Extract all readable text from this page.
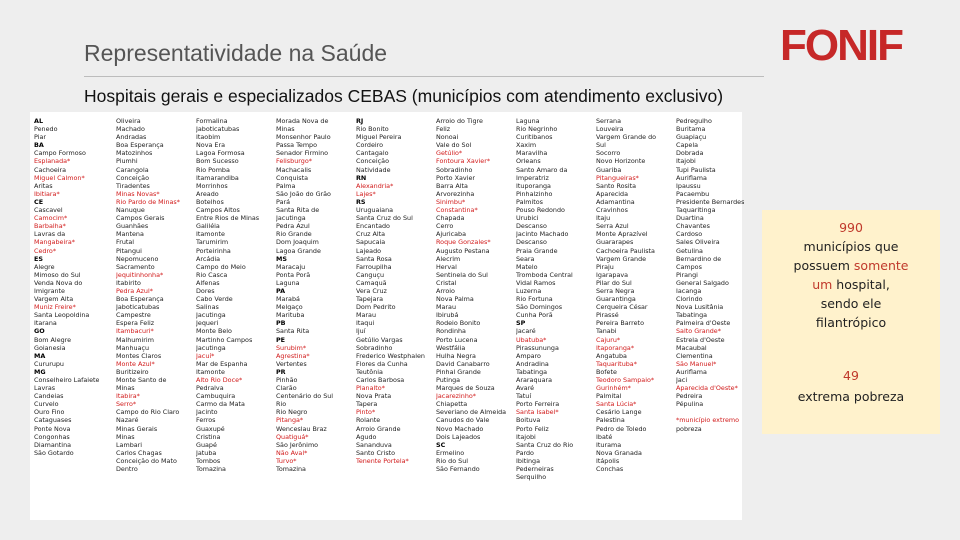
Representatividade na Saúde	FONIF
Hospitais gerais e especializados CEBAS (municípios com atendimento exclusivo)
AL
Penedo
Piar
BA
Campo Formoso
Esplanada*
Cachoeira
Miguel Calmon*
Aritas
Ibitiara*
CE
Cascavel
Camocim*
Barbalha*
Lavras da
Mangabeira*
Cedro*
ES
Alegre
Mimoso do Sul
Venda Nova do
Imigrante
Vargem Alta
Muniz Freire*
Santa Leopoldina
Itarana
GO
Bom Alegre
Goianesia
MA
Cururupu
MG
Conselheiro Lafaiete
Lavras
Candeias
Curvelo
Ouro Fino
Cataguases
Ponte Nova
Congonhas
Diamantina
São Gotardo
Oliveira
Machado
Andradas
Boa Esperança
Matozinhos
Piumhi
Carangola
Conceição
Tiradentes
Minas Novas*
Rio Pardo de Minas*
Nanuque
Campos Gerais
Guanhães
Mantena
Frutal
Pitangui
Nepomuceno
Sacramento
Jequitinhonha*
Itabirito
Pedra Azul*
Boa Esperança
Jaboticatubas
Campestre
Espera Feliz
Itambacuri*
Malhumirim
Manhuaçu
Montes Claros
Monte Azul*
Buritizeiro
Monte Santo de
Minas
Itabira*
Serro*
Campo do Rio Claro
Nazaré
Minas Gerais
Minas
Lambari
Carlos Chagas
Conceição do Mato
Dentro
Formalina
Jaboticatubas
Itaobim
Nova Era
Lagoa Formosa
Bom Sucesso
Rio Pomba
Itamarandiba
Morrinhos
Areado
Botelhos
Campos Altos
Entre Rios de Minas
Galiléia
Itamonte
Tarumirim
Porteirinha
Arcádia
Campo do Meio
Rio Casca
Alfenas
Dores
Cabo Verde
Salinas
Jacutinga
Jequeri
Monte Belo
Martinho Campos
Jacutinga
Jacuí*
Mar de Espanha
Itamonte
Alto Rio Doce*
Pedralva
Cambuquira
Carmo da Mata
Jacinto
Ferros
Guaxupé
Cristina
Guapé
Jatuba
Tombos
Tomazina
Morada Nova de
Minas
Monsenhor Paulo
Passa Tempo
Senador Firmino
Felisburgo*
Machacalis
Conquista
Palma
São João do Grão
Pará
Santa Rita de
Jacutinga
Pedra Azul
Rio Grande
Dom Joaquim
Lagoa Grande
MS
Maracaju
Ponta Porã
Laguna
PA
Marabá
Melgaço
Marituba
PB
Santa Rita
PE
Surubim*
Agrestina*
Vertentes
PR
Pinhão
Clarão
Centenário do Sul
Rio
Rio Negro
Pitanga*
Wenceslau Braz
Quatiguá*
São Jerônimo
Não Aval*
Turvo*
Tomazina
RJ
Rio Bonito
Miguel Pereira
Cordeiro
Cantagalo
Conceição
Natividade
RN
Alexandria*
Lajes*
RS
Uruguaiana
Santa Cruz do Sul
Encantado
Cruz Alta
Sapucaia
Lajeado
Santa Rosa
Farroupilha
Canguçu
Camaquã
Vera Cruz
Tapejara
Dom Pedrito
Marau
Itaqui
Ijuí
Getúlio Vargas
Sobradinho
Frederico Westphalen
Flores da Cunha
Teutônia
Carlos Barbosa
Planalto*
Nova Prata
Tapera
Pinto*
Rolante
Arroio Grande
Agudo
Sananduva
Santo Cristo
Tenente Portela*
Arroio do Tigre
Feliz
Nonoai
Vale do Sol
Getúlio*
Fontoura Xavier*
Sobradinho
Porto Xavier
Barra Alta
Arvorezinha
Sinimbu*
Constantina*
Chapada
Cerro
Ajuricaba
Roque Gonzales*
Augusto Pestana
Alecrim
Herval
Sentinela do Sul
Cristal
Arroio
Nova Palma
Marau
Ibirubá
Rodeio Bonito
Rondinha
Porto Lucena
Westfália
Hulha Negra
David Canabarro
Pinhal Grande
Putinga
Marques de Souza
Jacarezinho*
Chiapetta
Severiano de Almeida
Canudos do Vale
Novo Machado
Dois Lajeados
SC
Ermelino
Rio do Sul
São Fernando
Laguna
Rio Negrinho
Curitibanos
Xaxim
Maravilha
Orleans
Santo Amaro da
Imperatriz
Ituporanga
Pinhalzinho
Palmitos
Pouso Redondo
Urubici
Descanso
Jacinto Machado
Descanso
Praia Grande
Seara
Matelo
Tromboda Central
Vidal Ramos
Luzerna
Rio Fortuna
São Domingos
Cunha Porã
SP
Jacaré
Ubatuba*
Pirassununga
Amparo
Andradina
Tabatinga
Araraquara
Avaré
Tatuí
Porto Ferreira
Santa Isabel*
Boituva
Porto Feliz
Itajobi
Santa Cruz do Rio
Pardo
Ibitinga
Pederneiras
Serquilho
Serrana
Louveira
Vargem Grande do
Sul
Socorro
Novo Horizonte
Guariba
Pitangueiras*
Santo Rosita
Aparecida
Adamantina
Cravinhos
Itaju
Serra Azul
Monte Aprazível
Guararapes
Cachoeira Paulista
Vargem Grande
Piraju
Igarapava
Pilar do Sul
Serra Negra
Guarantinga
Cerqueira César
Pirassé
Pereira Barreto
Tanabi
Cajuru*
Itaporanga*
Angatuba
Taquarituba*
Bofete
Teodoro Sampaio*
Gurinhém*
Palmital
Santa Lúcia*
Cesário Lange
Palestina
Pedro de Toledo
Ibaté
Iturama
Nova Granada
Itápolis
Conchas
Pedregulho
Buritama
Guapiaçu
Capela
Dobrada
Itajobi
Tupi Paulista
Auriflama
Ipaussu
Pacaembu
Presidente Bernardes
Taquaritinga
Duartina
Chavantes
Cardoso
Sales Oliveira
Getulina
Bernardino de
Campos
Pirangi
General Salgado
Iacanga
Clorindo
Nova Lusitânia
Tabatinga
Palmeira d'Oeste
Salto Grande*
Estrela d'Oeste
Macaubal
Clementina
São Manuel*
Auriflama
Jaci
Aparecida d'Oeste*
Pedreira
Pépulina
*município extremo
pobreza
990
municípios que
possuem somente
um hospital,
sendo ele
filantrópico
49
extrema pobreza
